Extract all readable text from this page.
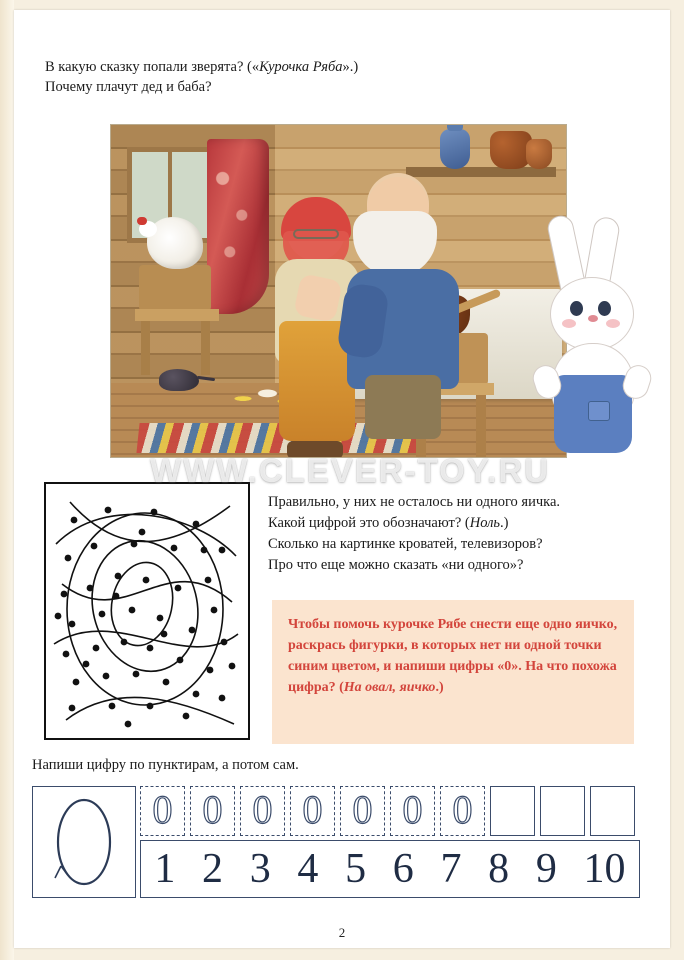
В какую сказку попали зверята? («Курочка Ряба».)
Почему плачут дед и баба?
WWW.CLEVER-TOY.RU
Правильно, у них не осталось ни одного яичка.
Какой цифрой это обозначают? (Ноль.)
Сколько на картинке кроватей, телевизоров?
Про что еще можно сказать «ни одного»?

Чтобы помочь курочке Рябе снести еще одно яичко, раскрась фигурки, в которых нет ни одной точки синим цветом, и напиши цифры «0». На что похожа цифра? (На овал, яичко.)

Напиши цифру по пунктирам, а потом сам.
0 0 0 0 0 0 0
1 2 3 4 5 6 7 8 9 10
2
